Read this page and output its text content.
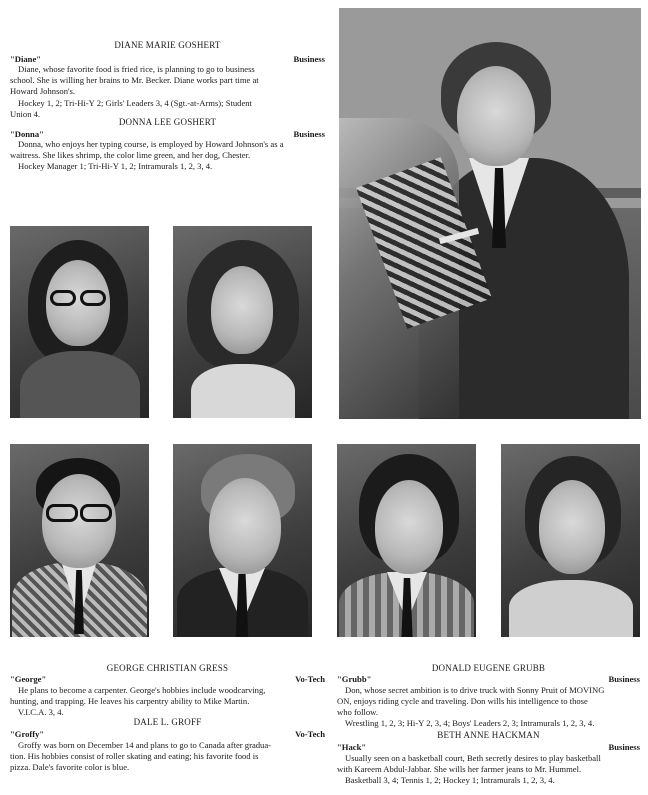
DIANE MARIE GOSHERT
"Diane"	Business
Diane, whose favorite food is fried rice, is planning to go to business
school. She is willing her brains to Mr. Becker. Diane works part time at
Howard Johnson's.
Hockey 1, 2; Tri-Hi-Y 2; Girls' Leaders 3, 4 (Sgt.-at-Arms); Student
Union 4.
DONNA LEE GOSHERT
"Donna"	Business
Donna, who enjoys her typing course, is employed by Howard Johnson's as a
waitress. She likes shrimp, the color lime green, and her dog, Chester.
Hockey Manager 1; Tri-Hi-Y 1, 2; Intramurals 1, 2, 3, 4.
GEORGE CHRISTIAN GRESS
"George"	Vo-Tech
He plans to become a carpenter. George's hobbies include woodcarving,
hunting, and trapping. He leaves his carpentry ability to Mike Martin.
V.I.C.A. 3, 4.
DALE L. GROFF
"Groffy"	Vo-Tech
Groffy was born on December 14 and plans to go to Canada after gradua-
tion. His hobbies consist of roller skating and eating; his favorite food is
pizza. Dale's favorite color is blue.
DONALD EUGENE GRUBB
"Grubb"	Business
Don, whose secret ambition is to drive truck with Sonny Pruit of MOVING
ON, enjoys riding cycle and traveling. Don wills his intelligence to those
who follow.
Wrestling 1, 2, 3; Hi-Y 2, 3, 4; Boys' Leaders 2, 3; Intramurals 1, 2, 3, 4.
BETH ANNE HACKMAN
"Hack"	Business
Usually seen on a basketball court, Beth secretly desires to play basketball
with Kareem Abdul-Jabbar. She wills her farmer jeans to Mr. Hummel.
Basketball 3, 4; Tennis 1, 2; Hockey 1; Intramurals 1, 2, 3, 4.
